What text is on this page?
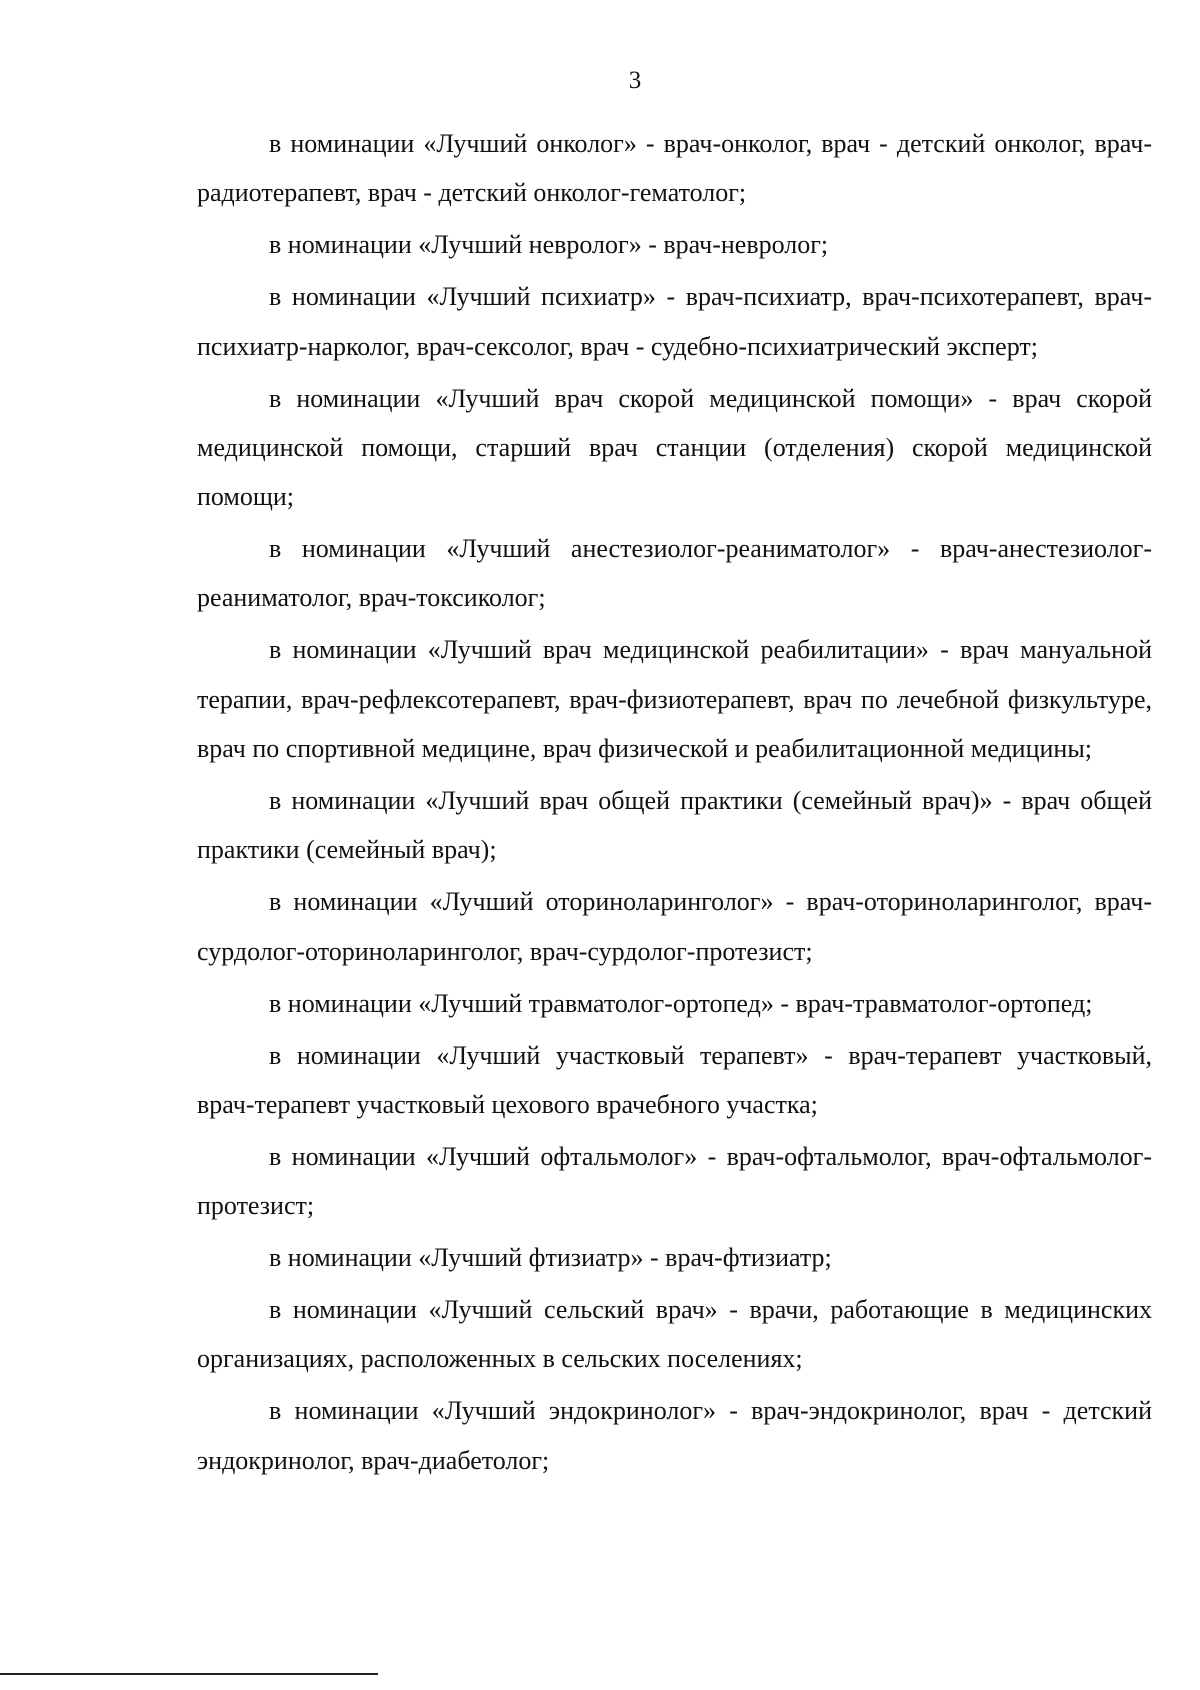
3

в номинации «Лучший онколог» - врач-онколог, врач - детский онколог, врач-радиотерапевт, врач - детский онколог-гематолог;

в номинации «Лучший невролог» - врач-невролог;

в номинации «Лучший психиатр» - врач-психиатр, врач-психотерапевт, врач-психиатр-нарколог, врач-сексолог, врач - судебно-психиатрический эксперт;

в номинации «Лучший врач скорой медицинской помощи» - врач скорой медицинской помощи, старший врач станции (отделения) скорой медицинской помощи;

в номинации «Лучший анестезиолог-реаниматолог» - врач-анестезиолог-реаниматолог, врач-токсиколог;

в номинации «Лучший врач медицинской реабилитации» - врач мануальной терапии, врач-рефлексотерапевт, врач-физиотерапевт, врач по лечебной физкультуре, врач по спортивной медицине, врач физической и реабилитационной медицины;

в номинации «Лучший врач общей практики (семейный врач)» - врач общей практики (семейный врач);

в номинации «Лучший оториноларинголог» - врач-оториноларинголог, врач-сурдолог-оториноларинголог, врач-сурдолог-протезист;

в номинации «Лучший травматолог-ортопед» - врач-травматолог-ортопед;

в номинации «Лучший участковый терапевт» - врач-терапевт участковый, врач-терапевт участковый цехового врачебного участка;

в номинации «Лучший офтальмолог» - врач-офтальмолог, врач-офтальмолог-протезист;

в номинации «Лучший фтизиатр» - врач-фтизиатр;

в номинации «Лучший сельский врач» - врачи, работающие в медицинских организациях, расположенных в сельских поселениях;

в номинации «Лучший эндокринолог» - врач-эндокринолог, врач - детский эндокринолог, врач-диабетолог;
